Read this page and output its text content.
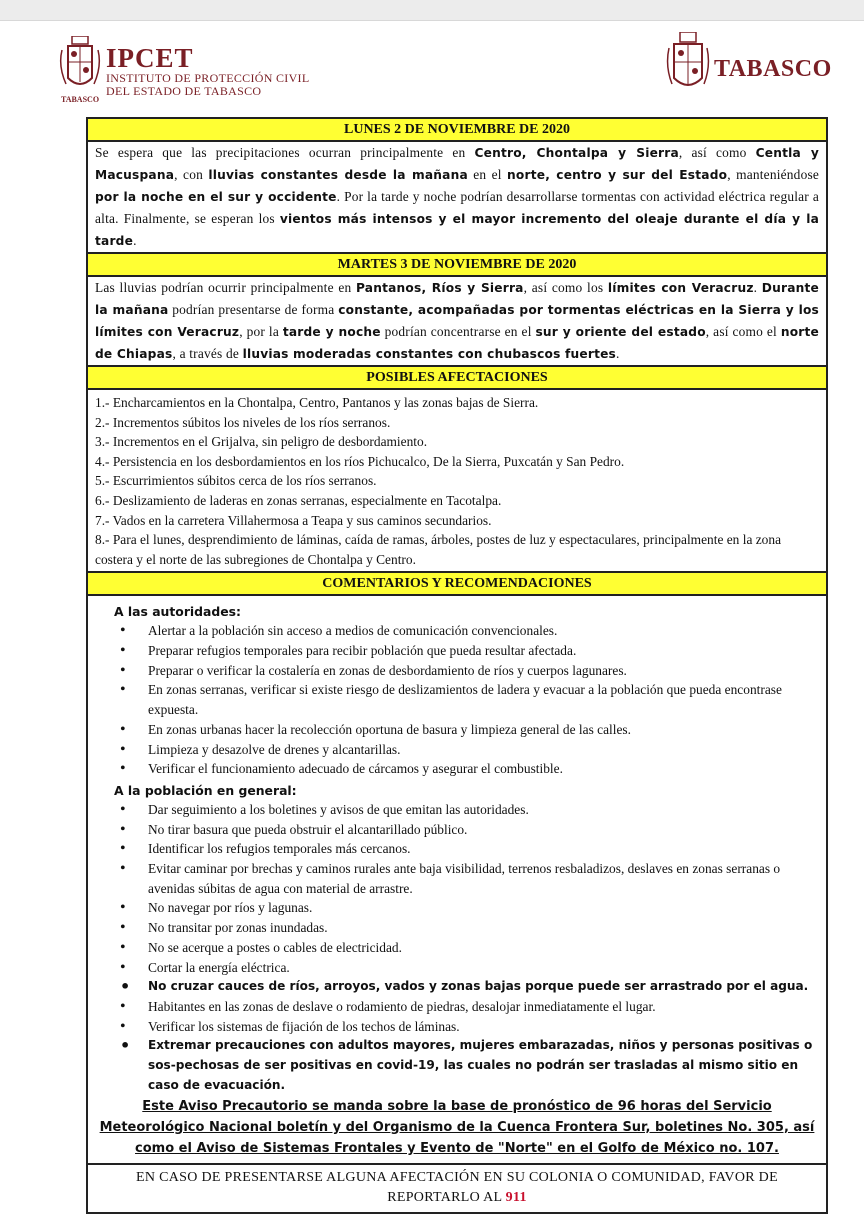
TABASCO
IPCET
INSTITUTO DE PROTECCIÓN CIVIL
DEL ESTADO DE TABASCO
TABASCO
LUNES 2 DE NOVIEMBRE DE 2020
Se espera que las precipitaciones ocurran principalmente en Centro, Chontalpa y Sierra, así como Centla y Macuspana, con lluvias constantes desde la mañana en el norte, centro y sur del Estado, manteniéndose por la noche en el sur y occidente. Por la tarde y noche podrían desarrollarse tormentas con actividad eléctrica regular a alta. Finalmente, se esperan los vientos más intensos y el mayor incremento del oleaje durante el día y la tarde.
MARTES 3 DE NOVIEMBRE DE 2020
Las lluvias podrían ocurrir principalmente en Pantanos, Ríos y Sierra, así como los límites con Veracruz. Durante la mañana podrían presentarse de forma constante, acompañadas por tormentas eléctricas en la Sierra y los límites con Veracruz, por la tarde y noche podrían concentrarse en el sur y oriente del estado, así como el norte de Chiapas, a través de lluvias moderadas constantes con chubascos fuertes.
POSIBLES AFECTACIONES
1.- Encharcamientos en la Chontalpa, Centro, Pantanos y las zonas bajas de Sierra.
2.- Incrementos súbitos los niveles de los ríos serranos.
3.- Incrementos en el Grijalva, sin peligro de desbordamiento.
4.- Persistencia en los desbordamientos en los ríos Pichucalco, De la Sierra, Puxcatán y San Pedro.
5.- Escurrimientos súbitos cerca de los ríos serranos.
6.- Deslizamiento de laderas en zonas serranas, especialmente en Tacotalpa.
7.- Vados en la carretera Villahermosa a Teapa y sus caminos secundarios.
8.- Para el lunes, desprendimiento de láminas, caída de ramas, árboles, postes de luz y espectaculares, principalmente en la zona costera y el norte de las subregiones de Chontalpa y Centro.
COMENTARIOS Y RECOMENDACIONES
A las autoridades:
• Alertar a la población sin acceso a medios de comunicación convencionales.
• Preparar refugios temporales para recibir población que pueda resultar afectada.
• Preparar o verificar la costalería en zonas de desbordamiento de ríos y cuerpos lagunares.
• En zonas serranas, verificar si existe riesgo de deslizamientos de ladera y evacuar a la población que pueda encontrase expuesta.
• En zonas urbanas hacer la recolección oportuna de basura y limpieza general de las calles.
• Limpieza y desazolve de drenes y alcantarillas.
• Verificar el funcionamiento adecuado de cárcamos y asegurar el combustible.
A la población en general:
• Dar seguimiento a los boletines y avisos de que emitan las autoridades.
• No tirar basura que pueda obstruir el alcantarillado público.
• Identificar los refugios temporales más cercanos.
• Evitar caminar por brechas y caminos rurales ante baja visibilidad, terrenos resbaladizos, deslaves en zonas serranas o avenidas súbitas de agua con material de arrastre.
• No navegar por ríos y lagunas.
• No transitar por zonas inundadas.
• No se acerque a postes o cables de electricidad.
• Cortar la energía eléctrica.
• No cruzar cauces de ríos, arroyos, vados y zonas bajas porque puede ser arrastrado por el agua.
• Habitantes en las zonas de deslave o rodamiento de piedras, desalojar inmediatamente el lugar.
• Verificar los sistemas de fijación de los techos de láminas.
• Extremar precauciones con adultos mayores, mujeres embarazadas, niños y personas positivas o sos-pechosas de ser positivas en covid-19, las cuales no podrán ser trasladas al mismo sitio en caso de evacuación.
Este Aviso Precautorio se manda sobre la base de pronóstico de 96 horas del Servicio Meteorológico Nacional boletín y del Organismo de la Cuenca Frontera Sur, boletines No. 305, así como el Aviso de Sistemas Frontales y Evento de "Norte" en el Golfo de México no. 107.
EN CASO DE PRESENTARSE ALGUNA AFECTACIÓN EN SU COLONIA O COMUNIDAD, FAVOR DE REPORTARLO AL 911
